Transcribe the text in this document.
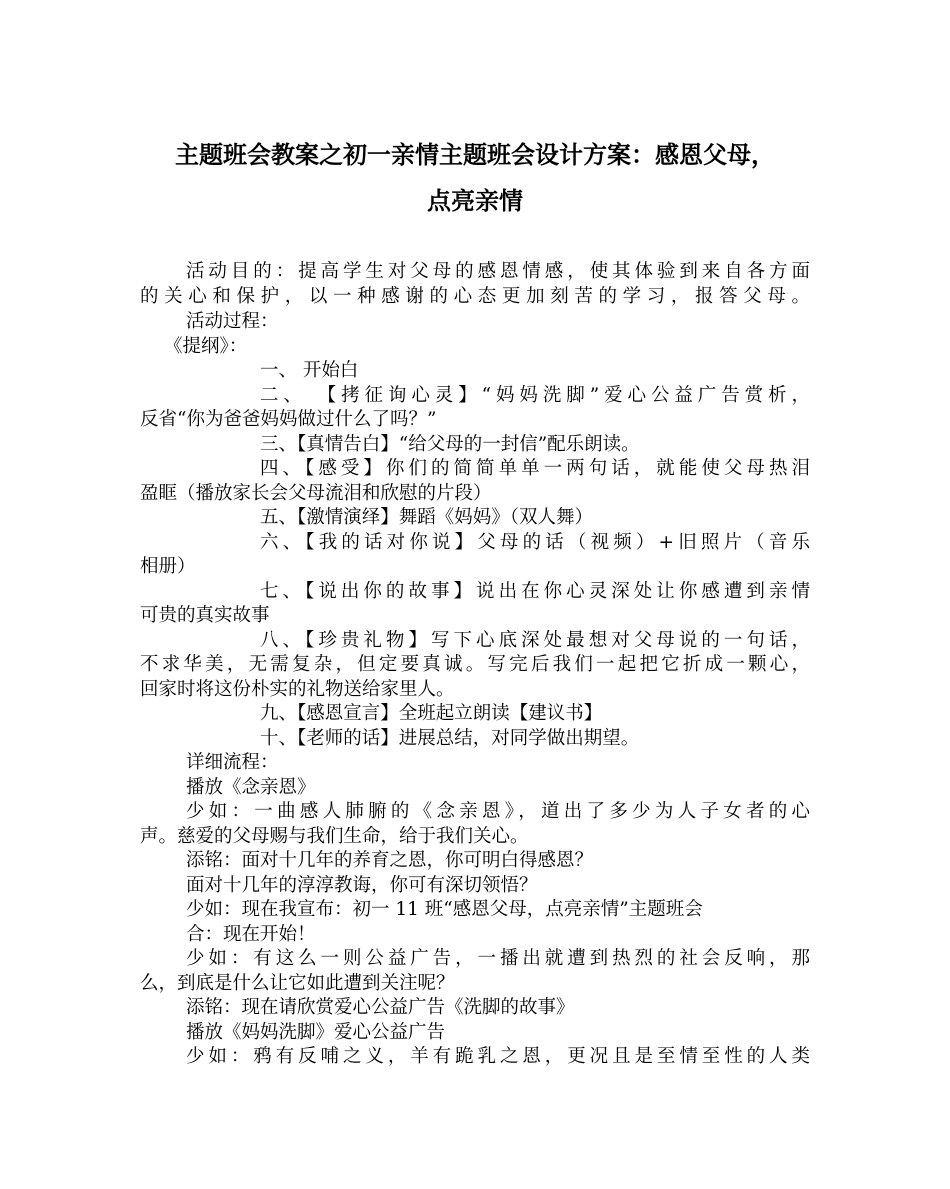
主题班会教案之初一亲情主题班会设计方案：感恩父母，
点亮亲情
活动目的：提高学生对父母的感恩情感，使其体验到来自各方面
的关心和保护，以一种感谢的心态更加刻苦的学习，报答父母。
活动过程：
《提纲》：
一、 开始白
二、 【拷征询心灵】“妈妈洗脚”爱心公益广告赏析，
反省“你为爸爸妈妈做过什么了吗？”
三、【真情告白】“给父母的一封信”配乐朗读。
四、【感受】你们的简简单单一两句话，就能使父母热泪
盈眶（播放家长会父母流泪和欣慰的片段）
五、【激情演绎】舞蹈《妈妈》（双人舞）
六、【我的话对你说】父母的话（视频）+旧照片（音乐
相册）
七、【说出你的故事】说出在你心灵深处让你感遭到亲情
可贵的真实故事
八、【珍贵礼物】写下心底深处最想对父母说的一句话，
不求华美，无需复杂，但定要真诚。写完后我们一起把它折成一颗心，
回家时将这份朴实的礼物送给家里人。
九、【感恩宣言】全班起立朗读【建议书】
十、【老师的话】进展总结，对同学做出期望。
详细流程：
播放《念亲恩》
少如：一曲感人肺腑的《念亲恩》，道出了多少为人子女者的心
声。慈爱的父母赐与我们生命，给于我们关心。
添铭：面对十几年的养育之恩，你可明白得感恩？
面对十几年的淳淳教诲，你可有深切领悟？
少如：现在我宣布：初一 11 班“感恩父母，点亮亲情”主题班会
合：现在开始！
少如：有这么一则公益广告，一播出就遭到热烈的社会反响，那
么，到底是什么让它如此遭到关注呢？
添铭：现在请欣赏爱心公益广告《洗脚的故事》
播放《妈妈洗脚》爱心公益广告
少如：鸦有反哺之义，羊有跪乳之恩，更况且是至情至性的人类
